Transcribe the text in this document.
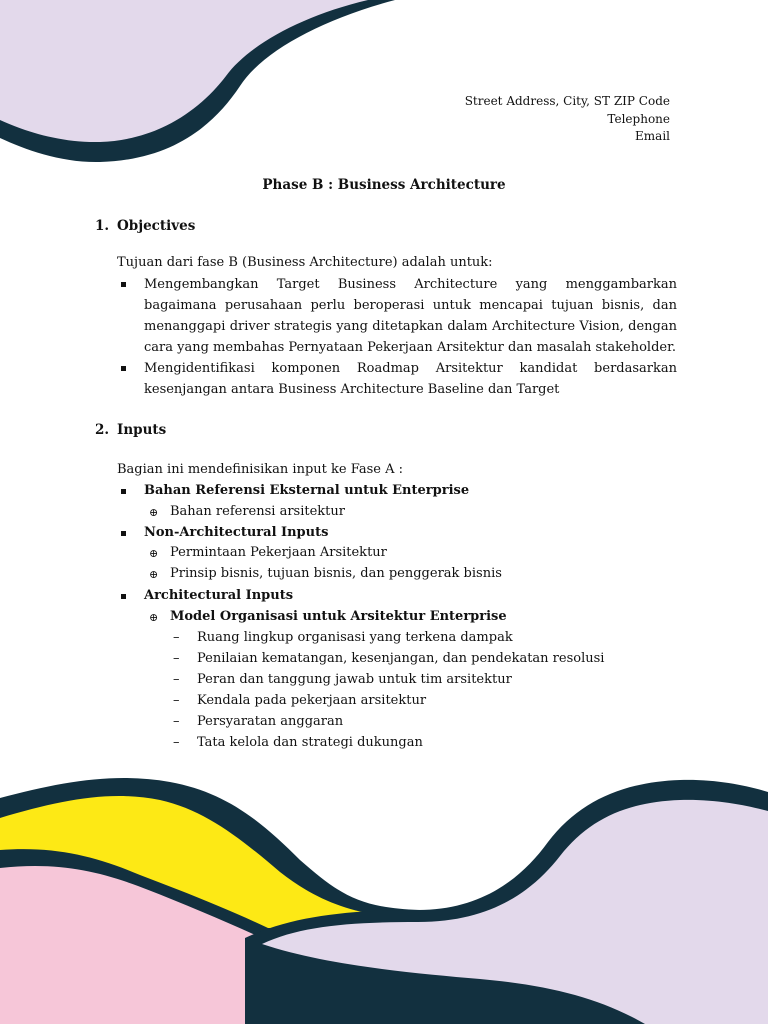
Street Address, City, ST ZIP Code
Telephone
Email
Phase B : Business Architecture
1. Objectives
Tujuan dari fase B (Business Architecture) adalah untuk:
Mengembangkan Target Business Architecture yang menggambarkan bagaimana perusahaan perlu beroperasi untuk mencapai tujuan bisnis, dan menanggapi driver strategis yang ditetapkan dalam Architecture Vision, dengan cara yang membahas Pernyataan Pekerjaan Arsitektur dan masalah stakeholder.
Mengidentifikasi komponen Roadmap Arsitektur kandidat berdasarkan kesenjangan antara Business Architecture Baseline dan Target
2. Inputs
Bagian ini mendefinisikan input ke Fase A :
Bahan Referensi Eksternal untuk Enterprise
⊕ Bahan referensi arsitektur
Non-Architectural Inputs
⊕ Permintaan Pekerjaan Arsitektur
⊕ Prinsip bisnis, tujuan bisnis, dan penggerak bisnis
Architectural Inputs
⊕ Model Organisasi untuk Arsitektur Enterprise
– Ruang lingkup organisasi yang terkena dampak
– Penilaian kematangan, kesenjangan, dan pendekatan resolusi
– Peran dan tanggung jawab untuk tim arsitektur
– Kendala pada pekerjaan arsitektur
– Persyaratan anggaran
– Tata kelola dan strategi dukungan
